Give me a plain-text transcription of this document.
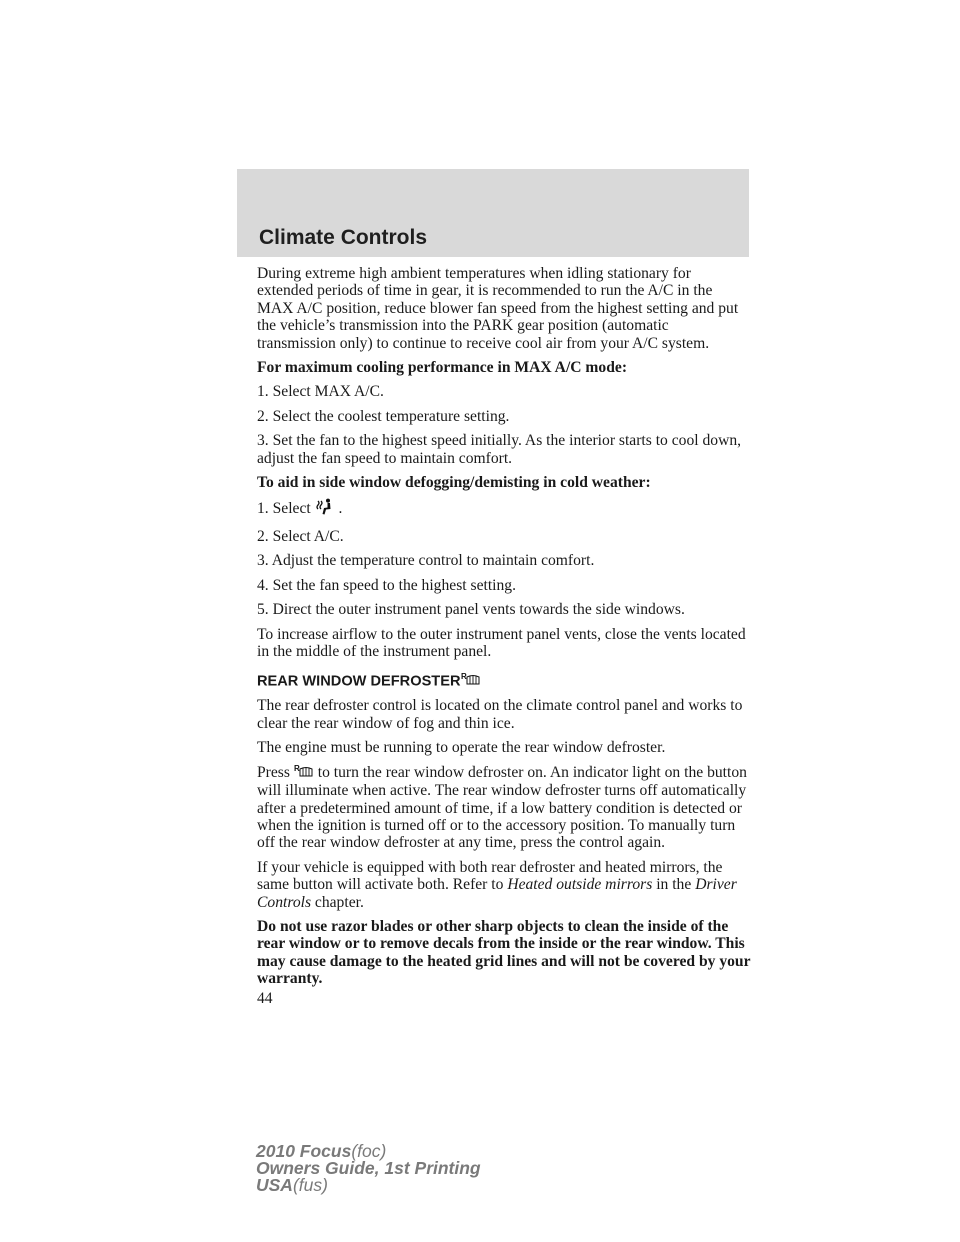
Climate Controls

During extreme high ambient temperatures when idling stationary for extended periods of time in gear, it is recommended to run the A/C in the MAX A/C position, reduce blower fan speed from the highest setting and put the vehicle’s transmission into the PARK gear position (automatic transmission only) to continue to receive cool air from your A/C system.

For maximum cooling performance in MAX A/C mode:

1. Select MAX A/C.

2. Select the coolest temperature setting.

3. Set the fan to the highest speed initially. As the interior starts to cool down, adjust the fan speed to maintain comfort.

To aid in side window defogging/demisting in cold weather:

1. Select .

2. Select A/C.

3. Adjust the temperature control to maintain comfort.

4. Set the fan speed to the highest setting.

5. Direct the outer instrument panel vents towards the side windows.

To increase airflow to the outer instrument panel vents, close the vents located in the middle of the instrument panel.

REAR WINDOW DEFROSTER R

The rear defroster control is located on the climate control panel and works to clear the rear window of fog and thin ice.

The engine must be running to operate the rear window defroster.

Press R to turn the rear window defroster on. An indicator light on the button will illuminate when active. The rear window defroster turns off automatically after a predetermined amount of time, if a low battery condition is detected or when the ignition is turned off or to the accessory position. To manually turn off the rear window defroster at any time, press the control again.

If your vehicle is equipped with both rear defroster and heated mirrors, the same button will activate both. Refer to Heated outside mirrors in the Driver Controls chapter.

Do not use razor blades or other sharp objects to clean the inside of the rear window or to remove decals from the inside or the rear window. This may cause damage to the heated grid lines and will not be covered by your warranty.

44
2010 Focus(foc)
Owners Guide, 1st Printing
USA(fus)
